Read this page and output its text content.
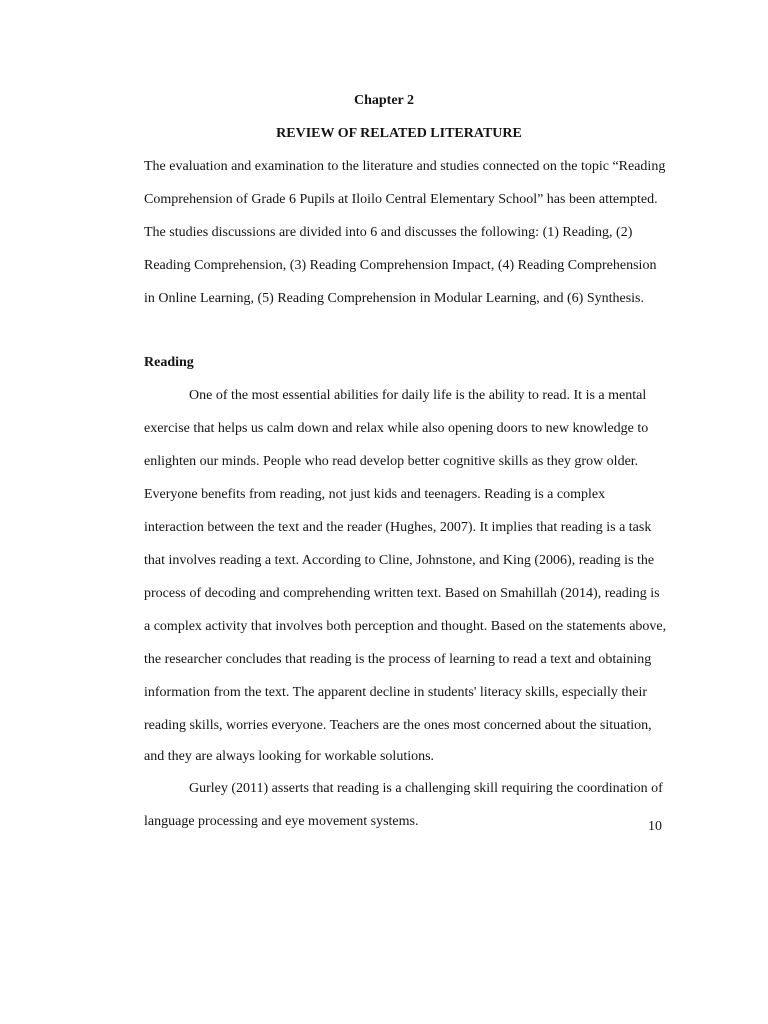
Chapter 2
REVIEW OF RELATED LITERATURE
The evaluation and examination to the literature and studies connected on the topic “Reading
Comprehension of Grade 6 Pupils at Iloilo Central Elementary School” has been attempted.
The studies discussions are divided into 6 and discusses the following: (1) Reading, (2)
Reading Comprehension, (3) Reading Comprehension Impact, (4) Reading Comprehension
in Online Learning, (5) Reading Comprehension in Modular Learning, and (6) Synthesis.
Reading
One of the most essential abilities for daily life is the ability to read. It is a mental
exercise that helps us calm down and relax while also opening doors to new knowledge to
enlighten our minds. People who read develop better cognitive skills as they grow older.
Everyone benefits from reading, not just kids and teenagers. Reading is a complex
interaction between the text and the reader (Hughes, 2007). It implies that reading is a task
that involves reading a text. According to Cline, Johnstone, and King (2006), reading is the
process of decoding and comprehending written text. Based on Smahillah (2014), reading is
a complex activity that involves both perception and thought. Based on the statements above,
the researcher concludes that reading is the process of learning to read a text and obtaining
information from the text. The apparent decline in students' literacy skills, especially their
reading skills, worries everyone. Teachers are the ones most concerned about the situation,
and they are always looking for workable solutions.
Gurley (2011) asserts that reading is a challenging skill requiring the coordination of
language processing and eye movement systems.	10
